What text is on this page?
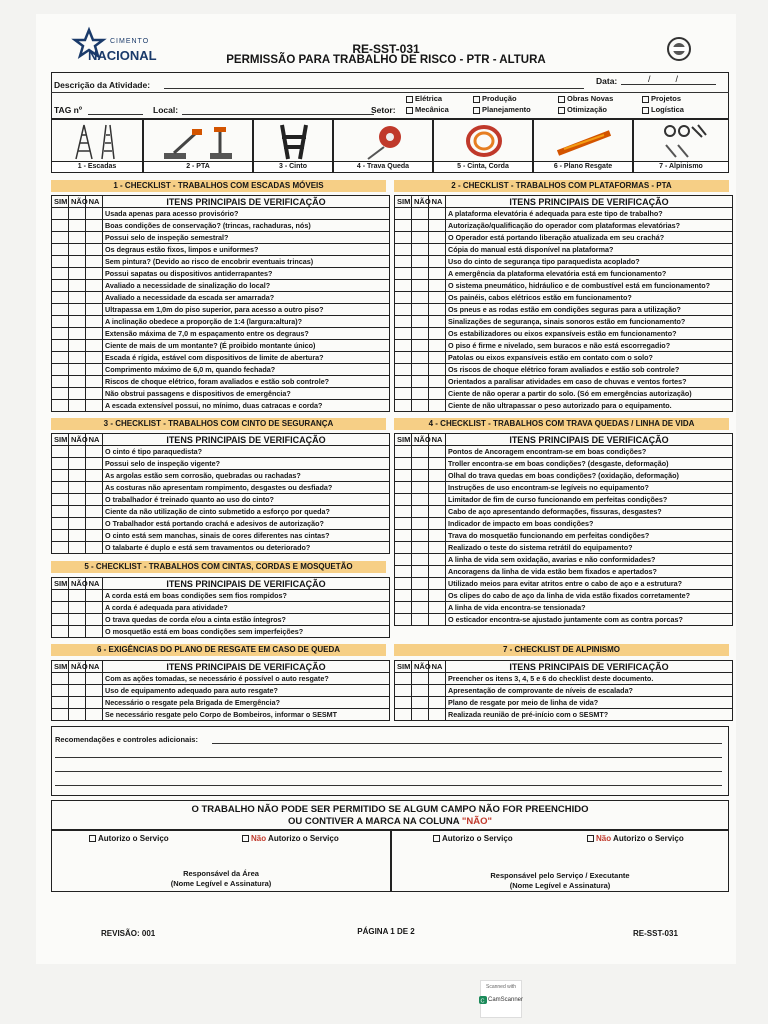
CIMENTO
NACIONAL	RE-SST-031
PERMISSÃO PARA TRABALHO DE RISCO - PTR - ALTURA
Descrição da Atividade:	Data:	/          /
TAG nº	Local:	Setor:
Elétrica
Mecânica
Produção
Planejamento
Obras Novas
Otimização
Projetos
Logística
1 - Escadas	2 - PTA	3 - Cinto	4 - Trava Queda	5 - Cinta, Corda	6 - Plano Resgate	7 - Alpinismo
1 - CHECKLIST - TRABALHOS COM ESCADAS MÓVEIS	2 - CHECKLIST - TRABALHOS COM PLATAFORMAS - PTA
SIM	NÃO	NA	ITENS PRINCIPAIS DE VERIFICAÇÃO
			Usada apenas para acesso provisório?
			Boas condições de conservação? (trincas, rachaduras, nós)
			Possui selo de inspeção semestral?
			Os degraus estão fixos, limpos e uniformes?
			Sem pintura? (Devido ao risco de encobrir eventuais trincas)
			Possui sapatas ou dispositivos antiderrapantes?
			Avaliado a necessidade de sinalização do local?
			Avaliado a necessidade da escada ser amarrada?
			Ultrapassa em 1,0m do piso superior, para acesso a outro piso?
			A inclinação obedece a proporção de 1:4 (largura:altura)?
			Extensão máxima de 7,0 m espaçamento entre os degraus?
			Ciente de mais de um montante? (É proibido montante único)
			Escada é rígida, estável com dispositivos de limite de abertura?
			Comprimento máximo de 6,0 m, quando fechada?
			Riscos de choque elétrico, foram avaliados e estão sob controle?
			Não obstrui passagens e dispositivos de emergência?
			A escada extensível possui, no mínimo, duas catracas e corda?
SIM	NÃO	NA	ITENS PRINCIPAIS DE VERIFICAÇÃO
			A plataforma elevatória é adequada para este tipo de trabalho?
			Autorização/qualificação do operador com plataformas elevatórias?
			O Operador está portando liberação atualizada em seu crachá?
			Cópia do manual está disponível na plataforma?
			Uso do cinto de segurança tipo paraquedista acoplado?
			A emergência da plataforma elevatória está em funcionamento?
			O sistema pneumático, hidráulico e de combustível está em funcionamento?
			Os painéis, cabos elétricos estão em funcionamento?
			Os pneus e as rodas estão em condições seguras para a utilização?
			Sinalizações de segurança, sinais sonoros estão em funcionamento?
			Os estabilizadores ou eixos expansíveis estão em funcionamento?
			O piso é firme e nivelado, sem buracos e não está escorregadio?
			Patolas ou eixos expansíveis estão em contato com o solo?
			Os riscos de choque elétrico foram avaliados e estão sob controle?
			Orientados a paralisar atividades em caso de chuvas e ventos fortes?
			Ciente de não operar a partir do solo. (Só em emergências autorização)
			Ciente de não ultrapassar o peso autorizado para o equipamento.
3 - CHECKLIST - TRABALHOS COM CINTO DE SEGURANÇA	4 - CHECKLIST - TRABALHOS COM TRAVA QUEDAS / LINHA DE VIDA
SIM	NÃO	NA	ITENS PRINCIPAIS DE VERIFICAÇÃO
			O cinto é tipo paraquedista?
			Possui selo de inspeção vigente?
			As argolas estão sem corrosão, quebradas ou rachadas?
			As costuras não apresentam rompimento, desgastes ou desfiada?
			O trabalhador é treinado quanto ao uso do cinto?
			Ciente da não utilização de cinto submetido a esforço por queda?
			O Trabalhador está portando crachá e adesivos de autorização?
			O cinto está sem manchas, sinais de cores diferentes nas cintas?
			O talabarte é duplo e está sem travamentos ou deteriorado?
SIM	NÃO	NA	ITENS PRINCIPAIS DE VERIFICAÇÃO
			Pontos de Ancoragem encontram-se em boas condições?
			Troller encontra-se em boas condições? (desgaste, deformação)
			Olhal do trava quedas em boas condições? (oxidação, deformação)
			Instruções de uso encontram-se legíveis no equipamento?
			Limitador de fim de curso funcionando em perfeitas condições?
			Cabo de aço apresentando deformações, fissuras, desgastes?
			Indicador de impacto em boas condições?
			Trava do mosquetão funcionando em perfeitas condições?
			Realizado o teste do sistema retrátil do equipamento?
			A linha de vida sem oxidação, avarias e não conformidades?
			Ancoragens da linha de vida estão bem fixados e apertados?
			Utilizado meios para evitar atritos entre o cabo de aço e a estrutura?
			Os clipes do cabo de aço da linha de vida estão fixados corretamente?
			A linha de vida encontra-se tensionada?
			O esticador encontra-se ajustado juntamente com as contra porcas?
5 - CHECKLIST - TRABALHOS COM CINTAS, CORDAS E MOSQUETÃO
SIM	NÃO	NA	ITENS PRINCIPAIS DE VERIFICAÇÃO
			A corda está em boas condições sem fios rompidos?
			A corda é adequada para atividade?
			O trava quedas de corda e/ou a cinta estão íntegros?
			O mosquetão está em boas condições sem imperfeições?
6 - EXIGÊNCIAS DO PLANO DE RESGATE EM CASO DE QUEDA	7 - CHECKLIST DE ALPINISMO
SIM	NÃO	NA	ITENS PRINCIPAIS DE VERIFICAÇÃO
			Com as ações tomadas, se necessário é possível o auto resgate?
			Uso de equipamento adequado para auto resgate?
			Necessário o resgate pela Brigada de Emergência?
			Se necessário resgate pelo Corpo de Bombeiros, informar o SESMT
SIM	NÃO	NA	ITENS PRINCIPAIS DE VERIFICAÇÃO
			Preencher os itens 3, 4, 5 e 6 do checklist deste documento.
			Apresentação de comprovante de níveis de escalada?
			Plano de resgate por meio de linha de vida?
			Realizada reunião de pré-início com o SESMT?
Recomendações e controles adicionais:
O TRABALHO NÃO PODE SER PERMITIDO SE ALGUM CAMPO NÃO FOR PREENCHIDO
OU CONTIVER A MARCA NA COLUNA "NÃO"
Autorizo o Serviço	Não Autorizo o Serviço	Autorizo o Serviço	Não Autorizo o Serviço
Responsável da Área
(Nome Legível e Assinatura)
Responsável pelo Serviço / Executante
(Nome Legível e Assinatura)
REVISÃO: 001	PÁGINA 1 DE 2	RE-SST-031
Scanned with
C CamScanner
